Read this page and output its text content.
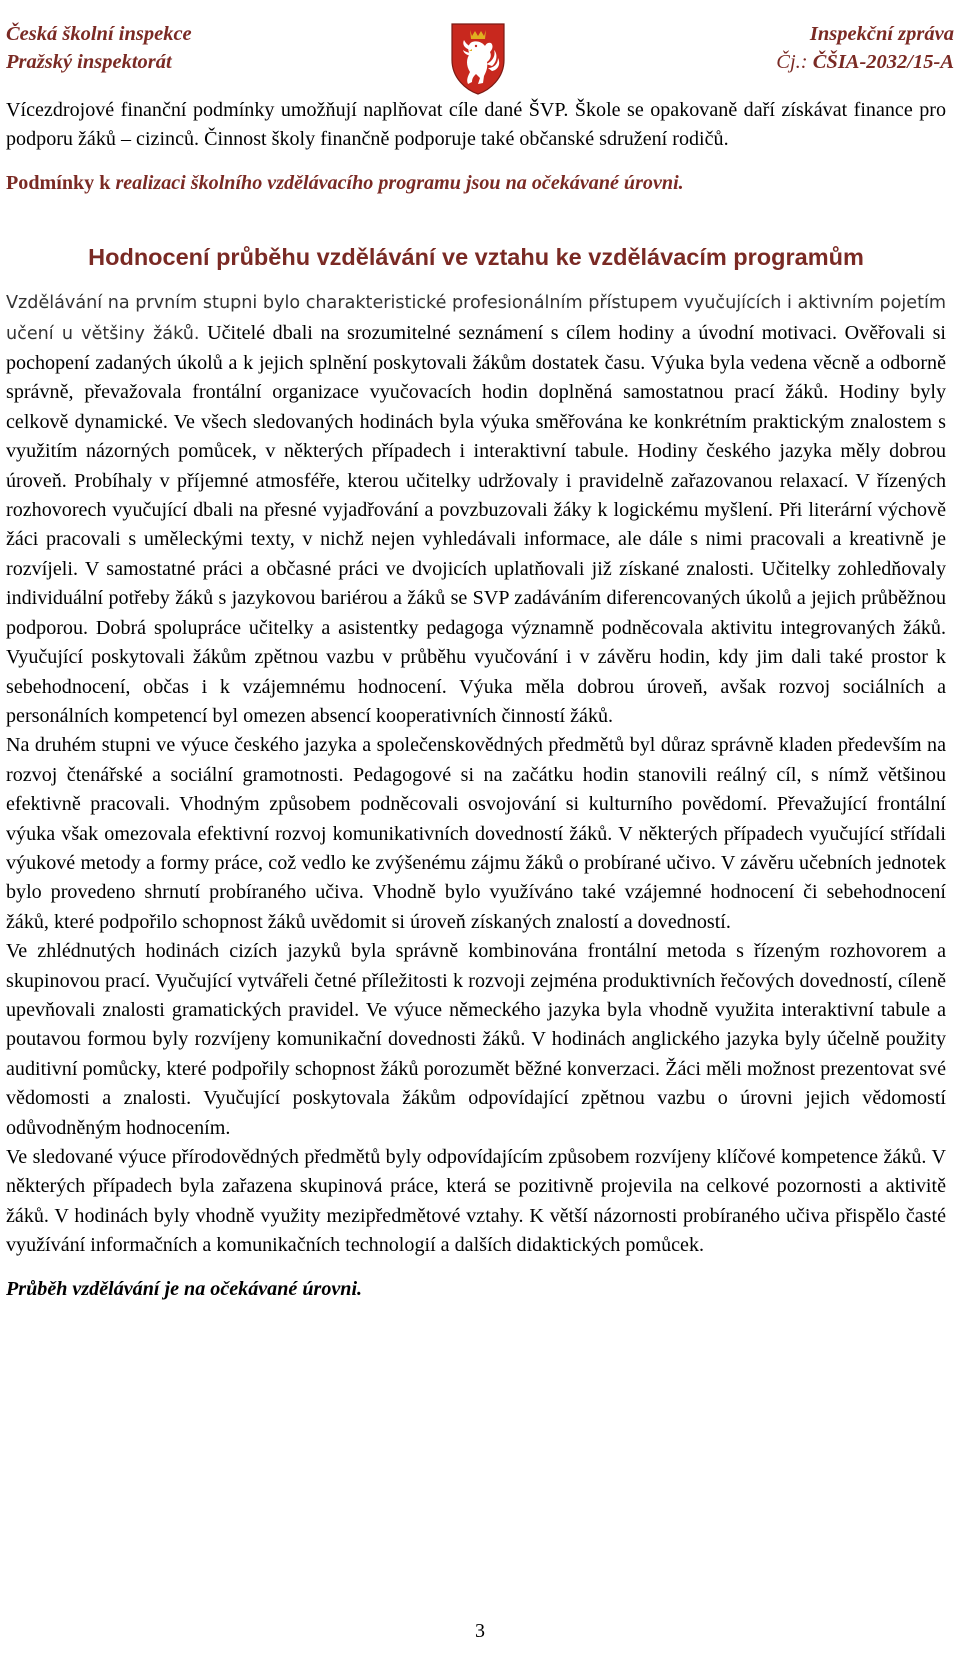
Česká školní inspekce
Pražský inspektorát
Inspekční zpráva
Čj.: ČŠIA-2032/15-A

Vícezdrojové finanční podmínky umožňují naplňovat cíle dané ŠVP. Škole se opakovaně daří získávat finance pro podporu žáků – cizinců. Činnost školy finančně podporuje také občanské sdružení rodičů.

Podmínky k realizaci školního vzdělávacího programu jsou na očekávané úrovni.

Hodnocení průběhu vzdělávání ve vztahu ke vzdělávacím programům

Vzdělávání na prvním stupni bylo charakteristické profesionálním přístupem vyučujících i aktivním pojetím učení u většiny žáků. Učitelé dbali na srozumitelné seznámení s cílem hodiny a úvodní motivaci. Ověřovali si pochopení zadaných úkolů a k jejich splnění poskytovali žákům dostatek času. Výuka byla vedena věcně a odborně správně, převažovala frontální organizace vyučovacích hodin doplněná samostatnou prací žáků. Hodiny byly celkově dynamické. Ve všech sledovaných hodinách byla výuka směřována ke konkrétním praktickým znalostem s využitím názorných pomůcek, v některých případech i interaktivní tabule. Hodiny českého jazyka měly dobrou úroveň. Probíhaly v příjemné atmosféře, kterou učitelky udržovaly i pravidelně zařazovanou relaxací. V řízených rozhovorech vyučující dbali na přesné vyjadřování a povzbuzovali žáky k logickému myšlení. Při literární výchově žáci pracovali s uměleckými texty, v nichž nejen vyhledávali informace, ale dále s nimi pracovali a kreativně je rozvíjeli. V samostatné práci a občasné práci ve dvojicích uplatňovali již získané znalosti. Učitelky zohledňovaly individuální potřeby žáků s jazykovou bariérou a žáků se SVP zadáváním diferencovaných úkolů a jejich průběžnou podporou. Dobrá spolupráce učitelky a asistentky pedagoga významně podněcovala aktivitu integrovaných žáků. Vyučující poskytovali žákům zpětnou vazbu v průběhu vyučování i v závěru hodin, kdy jim dali také prostor k sebehodnocení, občas i k vzájemnému hodnocení. Výuka měla dobrou úroveň, avšak rozvoj sociálních a personálních kompetencí byl omezen absencí kooperativních činností žáků.

Na druhém stupni ve výuce českého jazyka a společenskovědných předmětů byl důraz správně kladen především na rozvoj čtenářské a sociální gramotnosti. Pedagogové si na začátku hodin stanovili reálný cíl, s nímž většinou efektivně pracovali. Vhodným způsobem podněcovali osvojování si kulturního povědomí. Převažující frontální výuka však omezovala efektivní rozvoj komunikativních dovedností žáků. V některých případech vyučující střídali výukové metody a formy práce, což vedlo ke zvýšenému zájmu žáků o probírané učivo. V závěru učebních jednotek bylo provedeno shrnutí probíraného učiva. Vhodně bylo využíváno také vzájemné hodnocení či sebehodnocení žáků, které podpořilo schopnost žáků uvědomit si úroveň získaných znalostí a dovedností.

Ve zhlédnutých hodinách cizích jazyků byla správně kombinována frontální metoda s řízeným rozhovorem a skupinovou prací. Vyučující vytvářeli četné příležitosti k rozvoji zejména produktivních řečových dovedností, cíleně upevňovali znalosti gramatických pravidel. Ve výuce německého jazyka byla vhodně využita interaktivní tabule a poutavou formou byly rozvíjeny komunikační dovednosti žáků. V hodinách anglického jazyka byly účelně použity auditivní pomůcky, které podpořily schopnost žáků porozumět běžné konverzaci. Žáci měli možnost prezentovat své vědomosti a znalosti. Vyučující poskytovala žákům odpovídající zpětnou vazbu o úrovni jejich vědomostí odůvodněným hodnocením.

Ve sledované výuce přírodovědných předmětů byly odpovídajícím způsobem rozvíjeny klíčové kompetence žáků. V některých případech byla zařazena skupinová práce, která se pozitivně projevila na celkové pozornosti a aktivitě žáků. V hodinách byly vhodně využity mezipředmětové vztahy. K větší názornosti probíraného učiva přispělo časté využívání informačních a komunikačních technologií a dalších didaktických pomůcek.

Průběh vzdělávání je na očekávané úrovni.

3
